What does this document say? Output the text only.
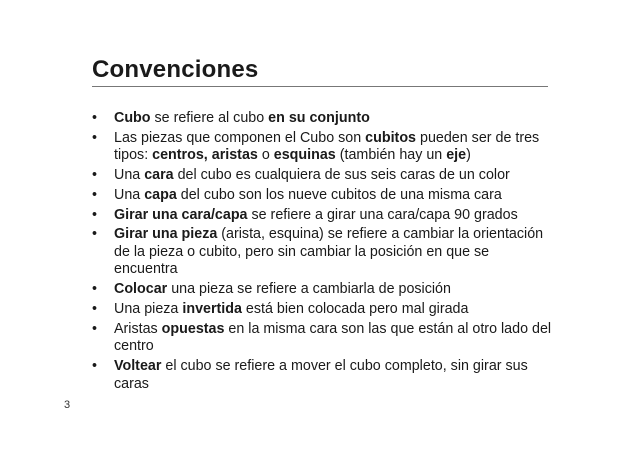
Convenciones
• Cubo se refiere al cubo en su conjunto
• Las piezas que componen el Cubo son cubitos pueden ser de tres tipos: centros, aristas o esquinas (también hay un eje)
• Una cara del cubo es cualquiera de sus seis caras de un color
• Una capa del cubo son los nueve cubitos de una misma cara
• Girar una cara/capa se refiere a girar una cara/capa 90 grados
• Girar una pieza (arista, esquina) se refiere a cambiar la orientación de la pieza o cubito, pero sin cambiar la posición en que se encuentra
• Colocar una pieza se refiere a cambiarla de posición
• Una pieza invertida está bien colocada pero mal girada
• Aristas opuestas en la misma cara son las que están al otro lado del centro
• Voltear el cubo se refiere a mover el cubo completo, sin girar sus caras
3
